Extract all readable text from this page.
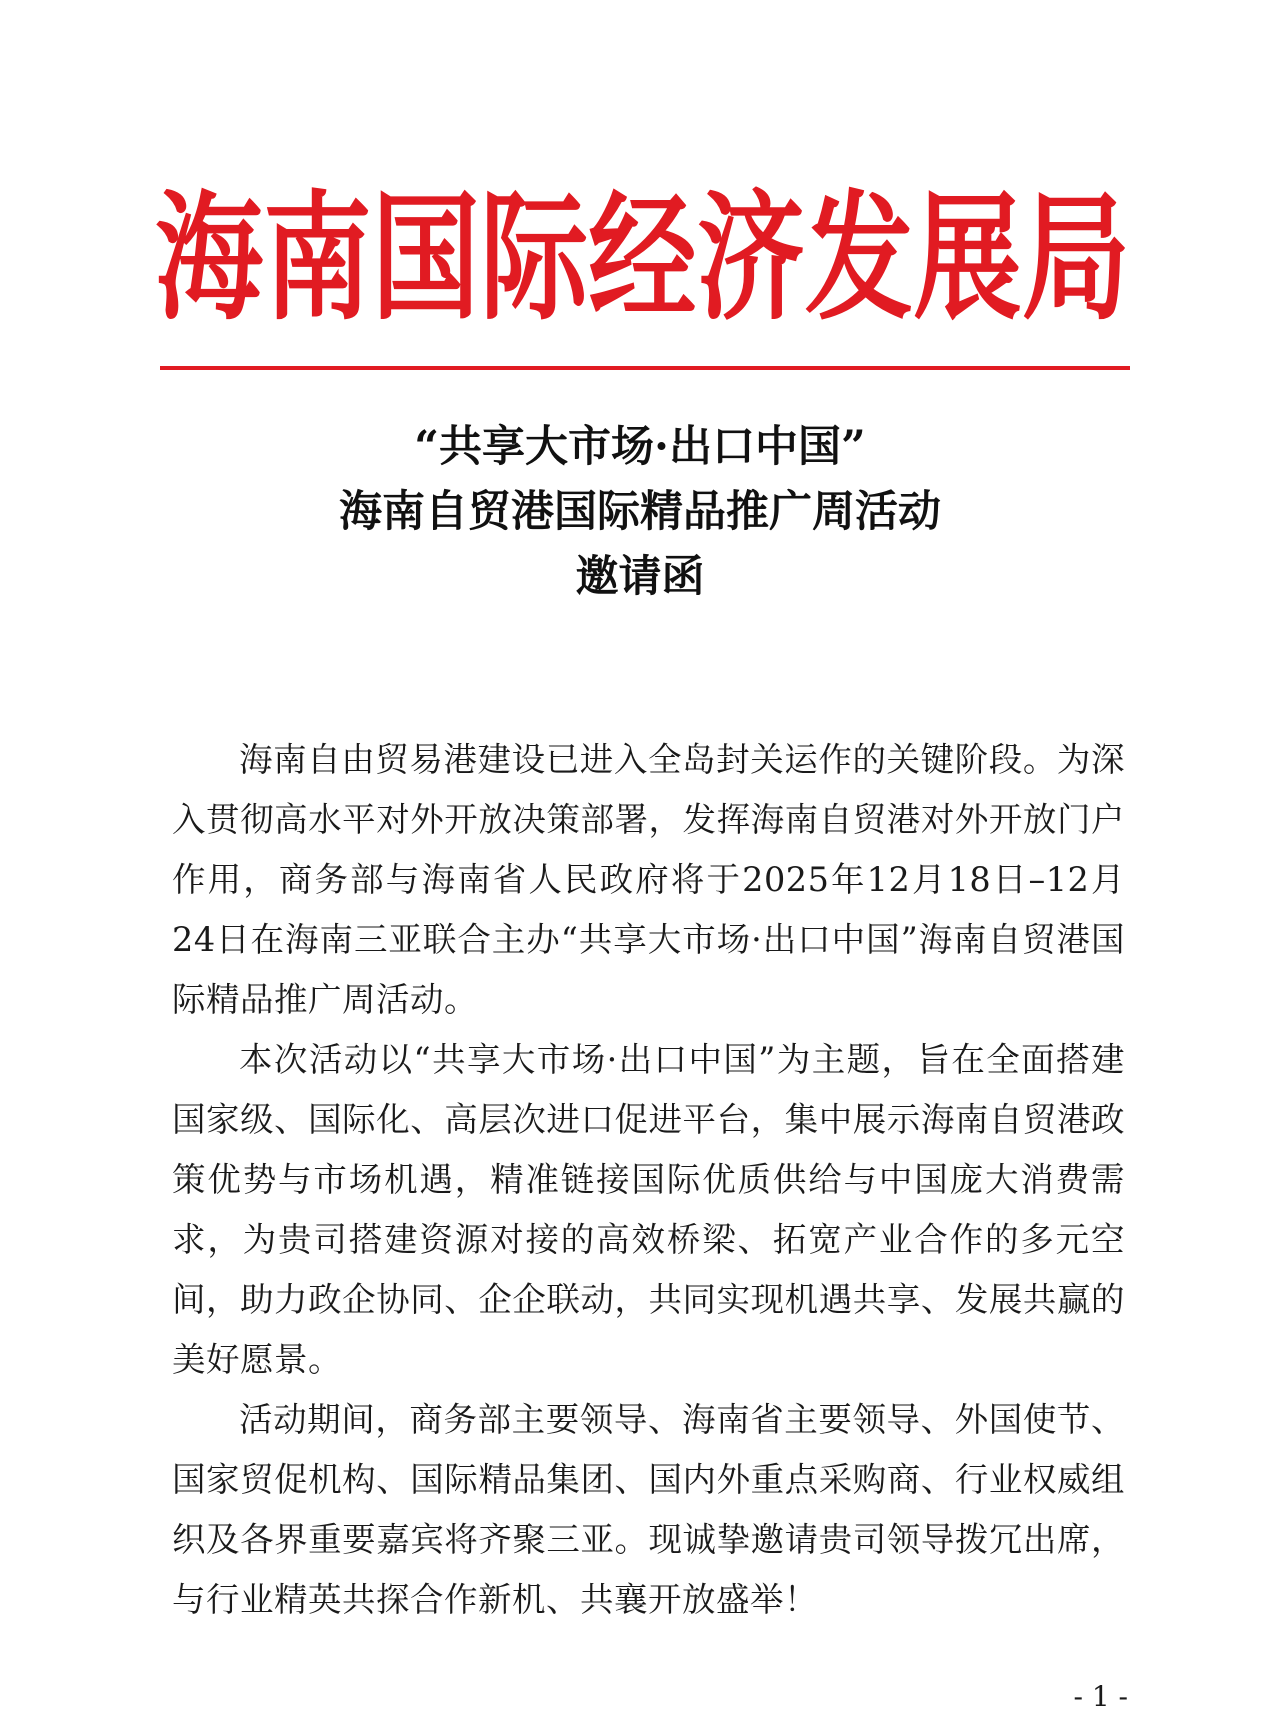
海 南 国 际 经 济 发 展 局
“共享大市场·出口中国”
海南自贸港国际精品推广周活动
邀请函

海南自由贸易港建设已进入全岛封关运作的关键阶段。为深入贯彻高水平对外开放决策部署，发挥海南自贸港对外开放门户作用，商务部与海南省人民政府将于2025年12月18日–12月24日在海南三亚联合主办“共享大市场·出口中国”海南自贸港国际精品推广周活动。

本次活动以“共享大市场·出口中国”为主题，旨在全面搭建国家级、国际化、高层次进口促进平台，集中展示海南自贸港政策优势与市场机遇，精准链接国际优质供给与中国庞大消费需求，为贵司搭建资源对接的高效桥梁、拓宽产业合作的多元空间，助力政企协同、企企联动，共同实现机遇共享、发展共赢的美好愿景。

活动期间，商务部主要领导、海南省主要领导、外国使节、国家贸促机构、国际精品集团、国内外重点采购商、行业权威组织及各界重要嘉宾将齐聚三亚。现诚挚邀请贵司领导拨冗出席，与行业精英共探合作新机、共襄开放盛举！

- 1 -
